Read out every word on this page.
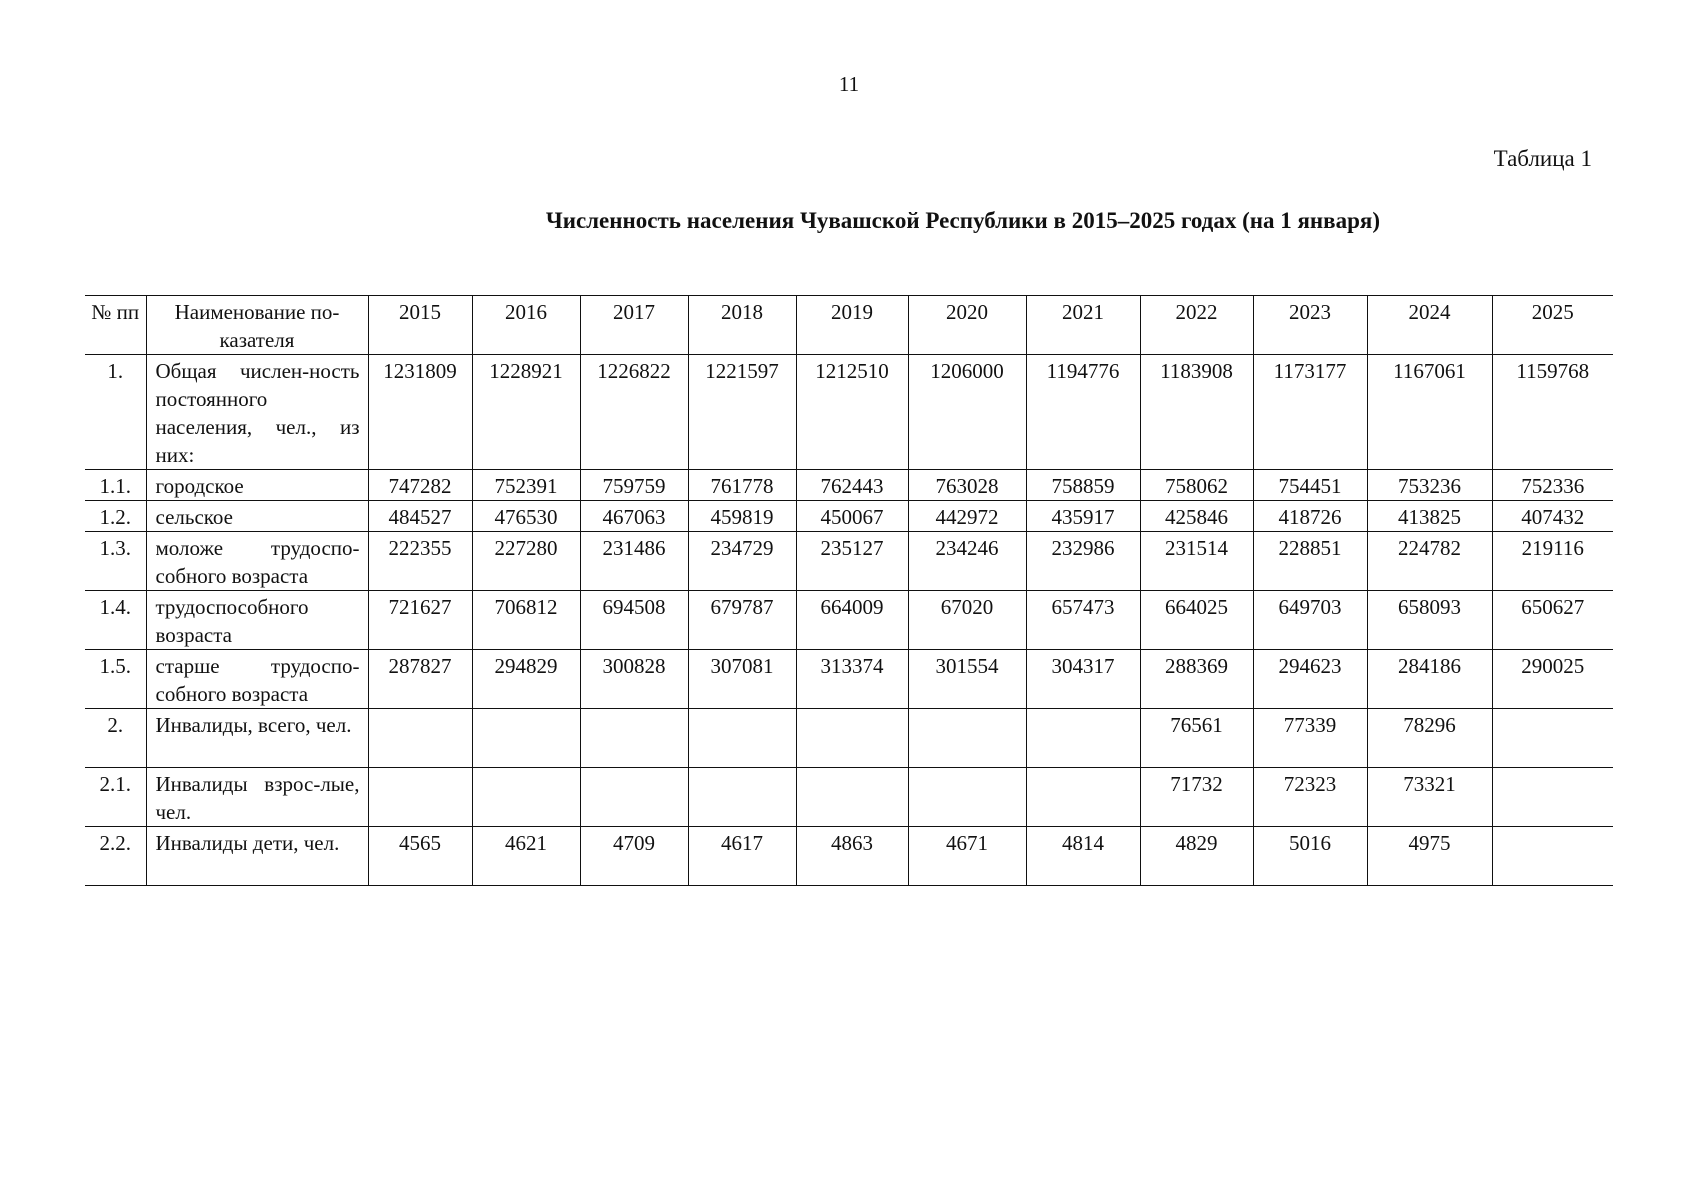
11
Таблица 1
Численность населения Чувашской Республики в 2015–2025 годах (на 1 января)
№ пп	Наименование по-казателя	2015	2016	2017	2018	2019	2020	2021	2022	2023	2024	2025
1.	Общая числен-ность постоянного населения, чел., из них:	1231809	1228921	1226822	1221597	1212510	1206000	1194776	1183908	1173177	1167061	1159768
1.1.	городское	747282	752391	759759	761778	762443	763028	758859	758062	754451	753236	752336
1.2.	сельское	484527	476530	467063	459819	450067	442972	435917	425846	418726	413825	407432
1.3.	моложе трудоспо-собного возраста	222355	227280	231486	234729	235127	234246	232986	231514	228851	224782	219116
1.4.	трудоспособного возраста	721627	706812	694508	679787	664009	67020	657473	664025	649703	658093	650627
1.5.	старше трудоспо-собного возраста	287827	294829	300828	307081	313374	301554	304317	288369	294623	284186	290025
2.	Инвалиды, всего, чел.								76561	77339	78296	
2.1.	Инвалиды взрос-лые, чел.								71732	72323	73321	
2.2.	Инвалиды дети, чел.	4565	4621	4709	4617	4863	4671	4814	4829	5016	4975	
